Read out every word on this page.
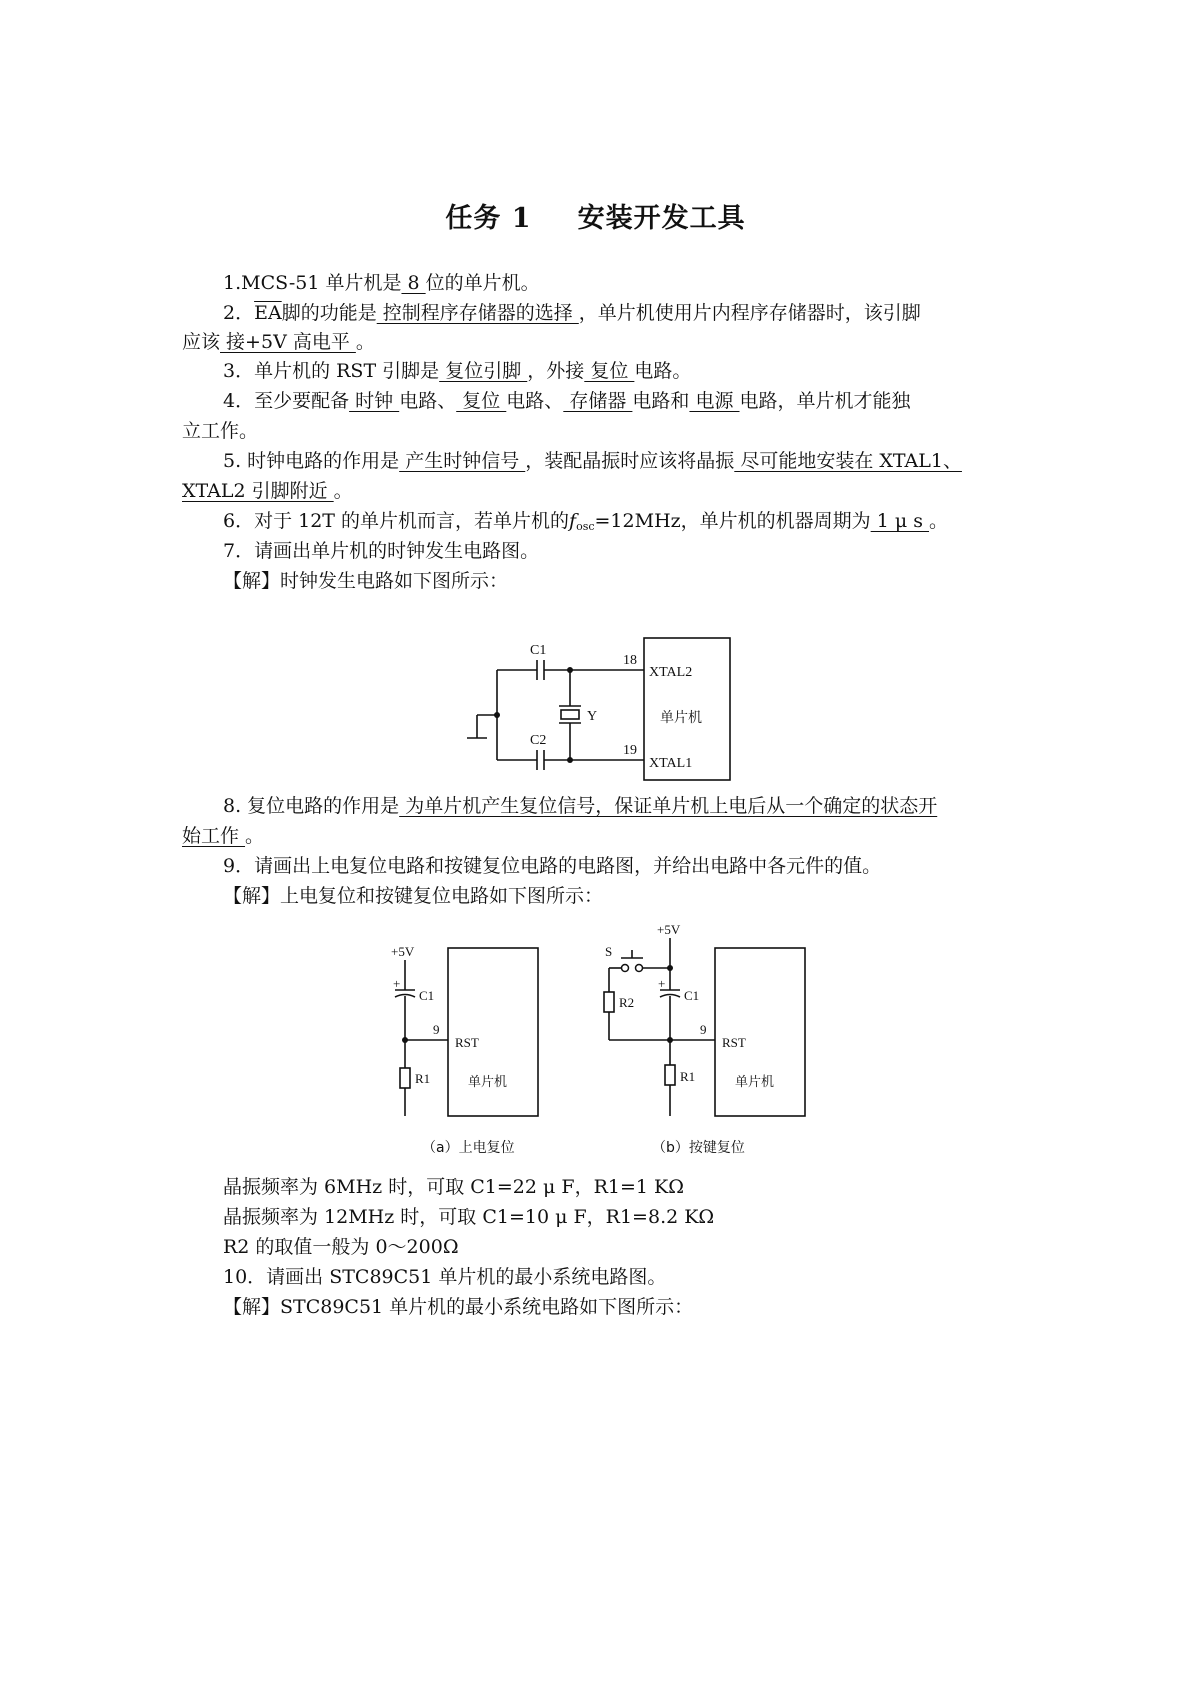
任务 1 安装开发工具
1.MCS-51 单片机是 8 位的单片机。
2．$\overline{EA}$脚的功能是 控制程序存储器的选择 ，单片机使用片内程序存储器时，该引脚
应该 接+5V 高电平 。
3．单片机的 RST 引脚是 复位引脚 ，外接 复位 电路。
4．至少要配备 时钟 电路、 复位 电路、 存储器 电路和 电源 电路，单片机才能独
立工作。
5. 时钟电路的作用是 产生时钟信号 ，装配晶振时应该将晶振 尽可能地安装在 XTAL1、
XTAL2 引脚附近 。
6．对于 12T 的单片机而言，若单片机的$f_{osc}=12MHz$，单片机的机器周期为 1 μ s 。
7．请画出单片机的时钟发生电路图。
【解】时钟发生电路如下图所示：
C1
C2
Y
18
19
XTAL2
XTAL1
单片机
8. 复位电路的作用是 为单片机产生复位信号，保证单片机上电后从一个确定的状态开
始工作 。
9．请画出上电复位电路和按键复位电路的电路图，并给出电路中各元件的值。
【解】上电复位和按键复位电路如下图所示：
+5V
+
C1
9
RST
R1	单片机
+5V
S
R2
+
C1
9
RST
R1	单片机
（a）上电复位	（b）按键复位
晶振频率为 6MHz 时，可取 C1=22 μ F，R1=1 KΩ
晶振频率为 12MHz 时，可取 C1=10 μ F，R1=8.2 KΩ
R2 的取值一般为 0～200Ω
10．请画出 STC89C51 单片机的最小系统电路图。
【解】STC89C51 单片机的最小系统电路如下图所示：
